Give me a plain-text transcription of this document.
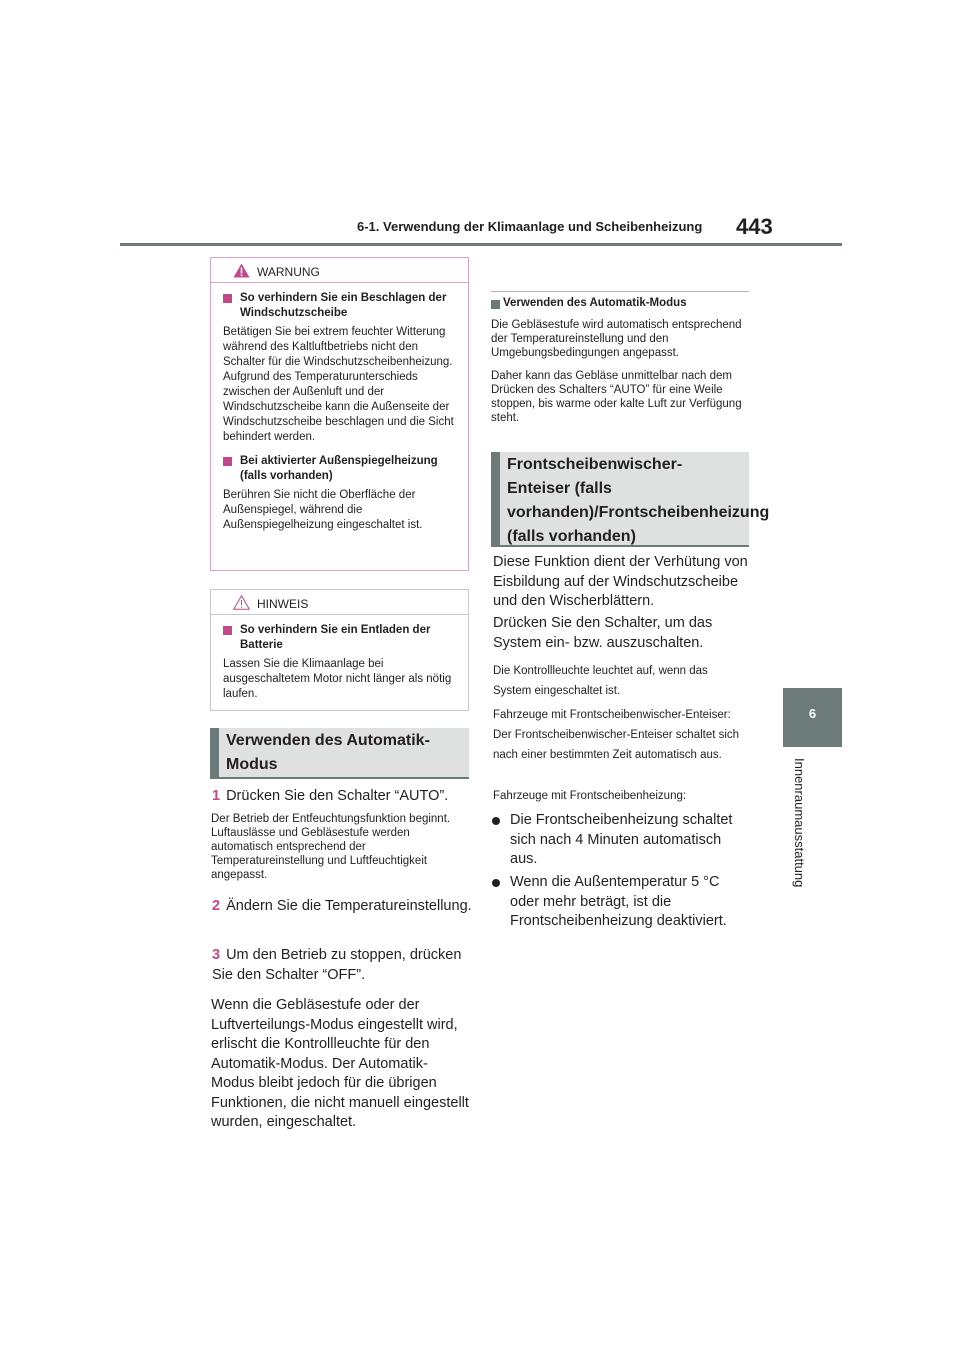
6-1. Verwendung der Klimaanlage und Scheibenheizung 443
6
Innenraumausstattung
WARNUNG
So verhindern Sie ein Beschlagen der Windschutzscheibe
Betätigen Sie bei extrem feuchter Witterung während des Kaltluftbetriebs nicht den Schalter für die Windschutzscheibenheizung.
Aufgrund des Temperaturunterschieds zwischen der Außenluft und der Windschutzscheibe kann die Außenseite der Windschutzscheibe beschlagen und die Sicht behindert werden.
Bei aktivierter Außenspiegelheizung (falls vorhanden)
Berühren Sie nicht die Oberfläche der Außenspiegel, während die Außenspiegelheizung eingeschaltet ist.
HINWEIS
So verhindern Sie ein Entladen der Batterie
Lassen Sie die Klimaanlage bei ausgeschaltetem Motor nicht länger als nötig laufen.
Verwenden des Automatik-Modus
1 Drücken Sie den Schalter “AUTO”.
Der Betrieb der Entfeuchtungsfunktion beginnt. Luftauslässe und Gebläsestufe werden automatisch entsprechend der Temperatureinstellung und Luftfeuchtigkeit angepasst.
2 Ändern Sie die Temperatureinstellung.
3 Um den Betrieb zu stoppen, drücken Sie den Schalter “OFF”.
Wenn die Gebläsestufe oder der Luftverteilungs-Modus eingestellt wird, erlischt die Kontrollleuchte für den Automatik-Modus. Der Automatik-Modus bleibt jedoch für die übrigen Funktionen, die nicht manuell eingestellt wurden, eingeschaltet.
Verwenden des Automatik-Modus
Die Gebläsestufe wird automatisch entsprechend der Temperatureinstellung und den Umgebungsbedingungen angepasst.
Daher kann das Gebläse unmittelbar nach dem Drücken des Schalters “AUTO” für eine Weile stoppen, bis warme oder kalte Luft zur Verfügung steht.
Frontscheibenwischer-Enteiser (falls vorhanden)/Frontscheibenheizung (falls vorhanden)
Diese Funktion dient der Verhütung von Eisbildung auf der Windschutzscheibe und den Wischerblättern.
Drücken Sie den Schalter, um das System ein- bzw. auszuschalten.
Die Kontrollleuchte leuchtet auf, wenn das System eingeschaltet ist.
Fahrzeuge mit Frontscheibenwischer-Enteiser: Der Frontscheibenwischer-Enteiser schaltet sich nach einer bestimmten Zeit automatisch aus.
Fahrzeuge mit Frontscheibenheizung:
Die Frontscheibenheizung schaltet sich nach 4 Minuten automatisch aus.
Wenn die Außentemperatur 5 °C oder mehr beträgt, ist die Frontscheibenheizung deaktiviert.
